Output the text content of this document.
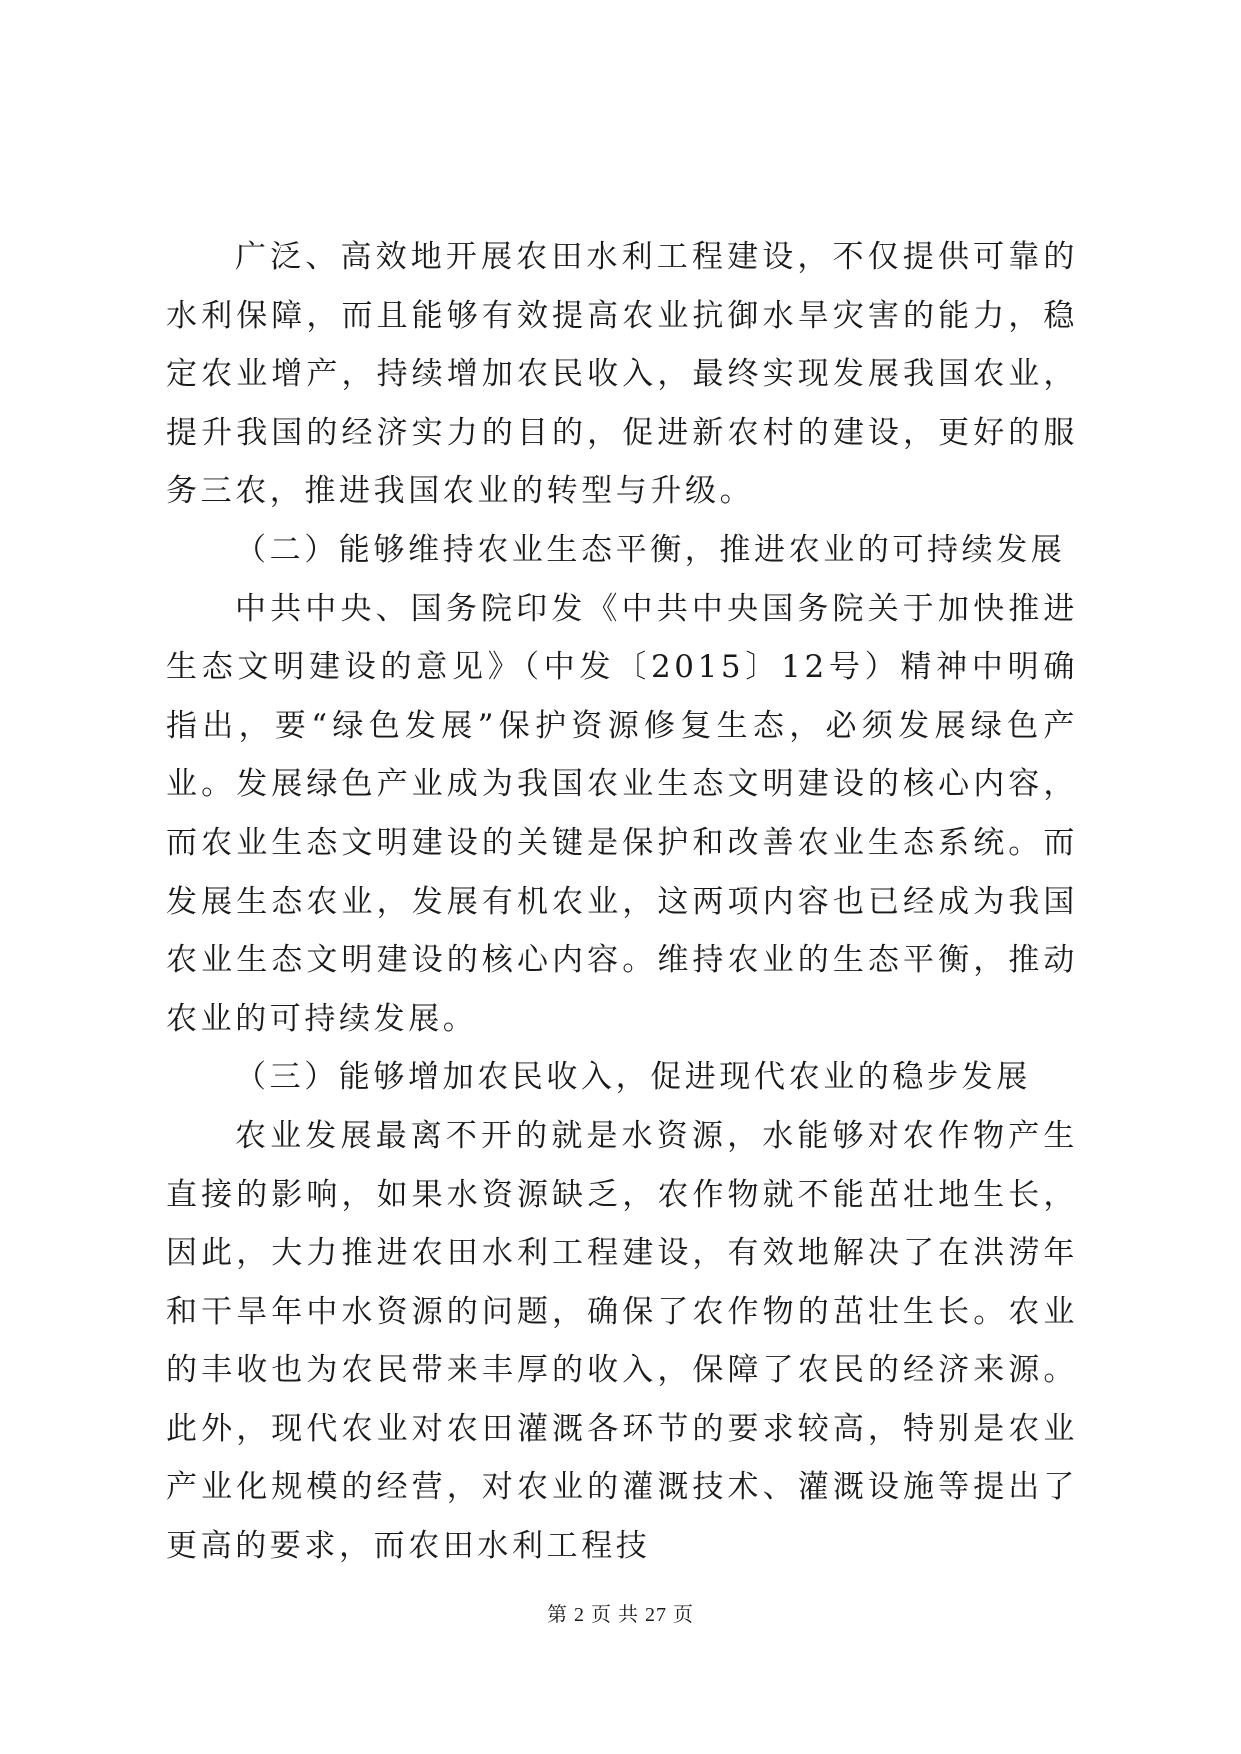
广泛、高效地开展农田水利工程建设，不仅提供可靠的水利保障，而且能够有效提高农业抗御水旱灾害的能力，稳定农业增产，持续增加农民收入，最终实现发展我国农业，提升我国的经济实力的目的，促进新农村的建设，更好的服务三农，推进我国农业的转型与升级。

（二）能够维持农业生态平衡，推进农业的可持续发展

中共中央、国务院印发《中共中央国务院关于加快推进生态文明建设的意见》（中发〔2015〕12号）精神中明确指出，要“绿色发展”保护资源修复生态，必须发展绿色产业。发展绿色产业成为我国农业生态文明建设的核心内容，而农业生态文明建设的关键是保护和改善农业生态系统。而发展生态农业，发展有机农业，这两项内容也已经成为我国农业生态文明建设的核心内容。维持农业的生态平衡，推动农业的可持续发展。

（三）能够增加农民收入，促进现代农业的稳步发展

农业发展最离不开的就是水资源，水能够对农作物产生直接的影响，如果水资源缺乏，农作物就不能茁壮地生长，因此，大力推进农田水利工程建设，有效地解决了在洪涝年和干旱年中水资源的问题，确保了农作物的茁壮生长。农业的丰收也为农民带来丰厚的收入，保障了农民的经济来源。此外，现代农业对农田灌溉各环节的要求较高，特别是农业产业化规模的经营，对农业的灌溉技术、灌溉设施等提出了更高的要求，而农田水利工程技

第 2 页 共 27 页
